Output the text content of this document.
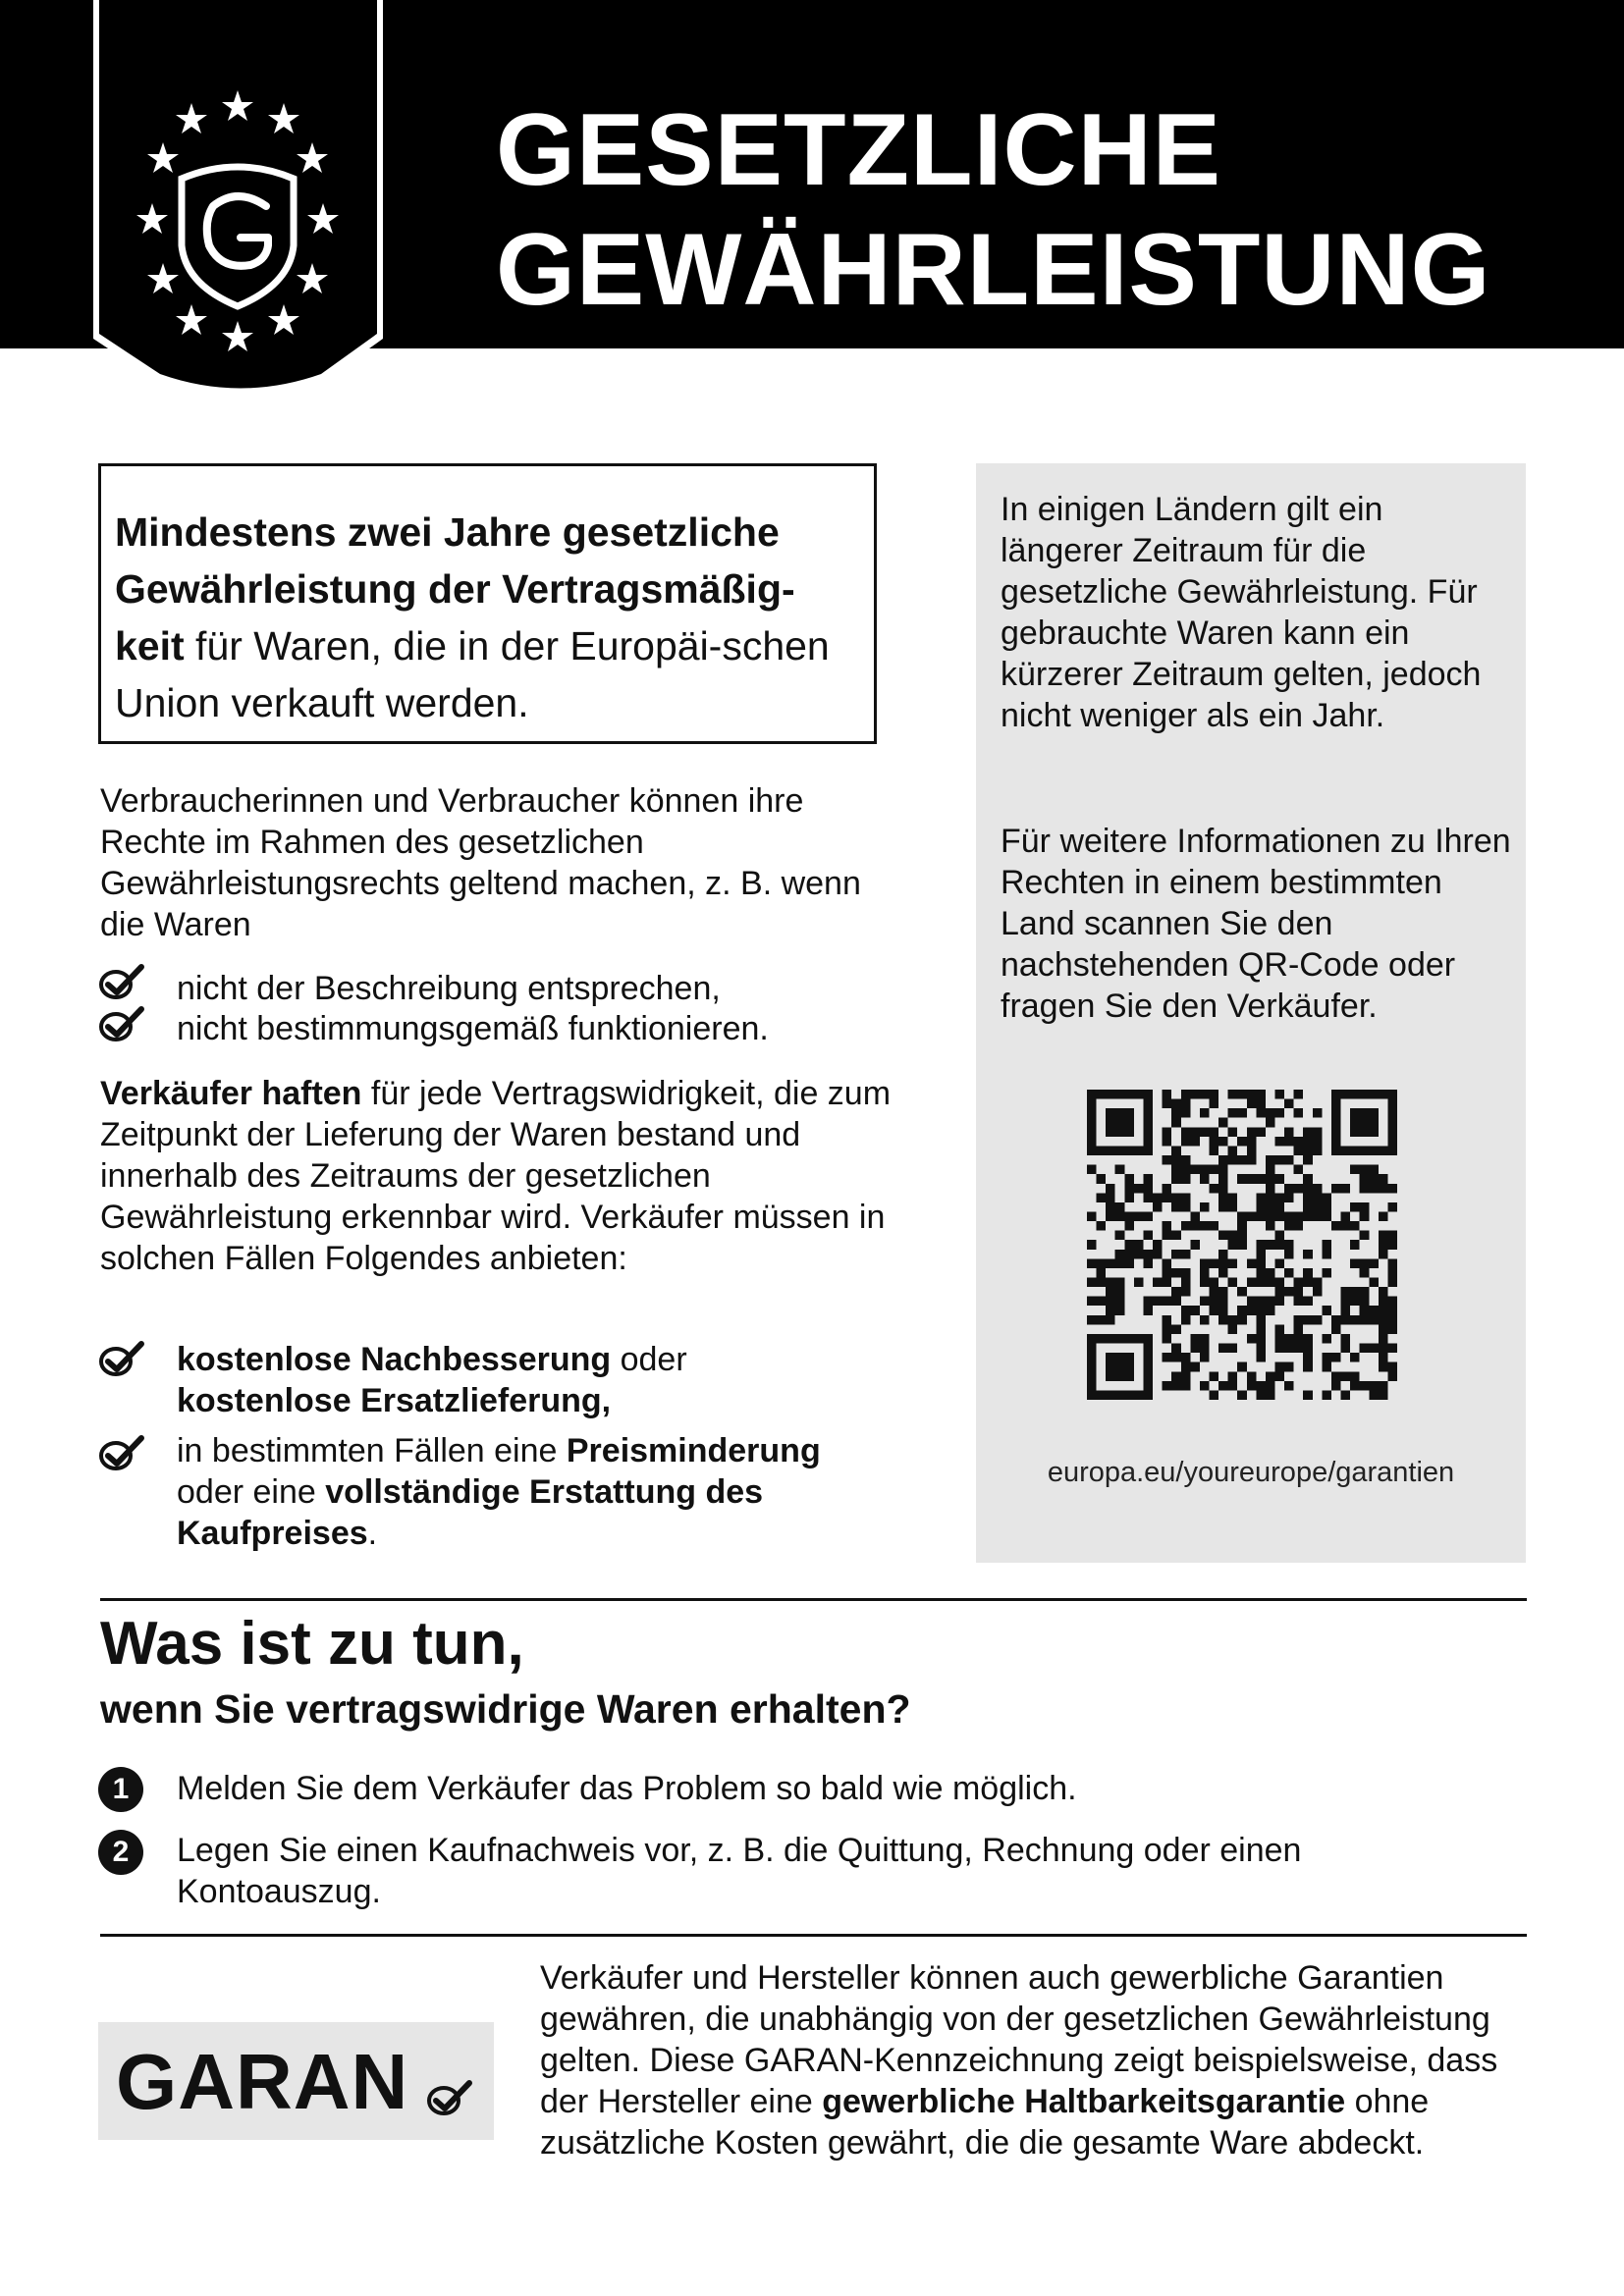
GESETZLICHE
GEWÄHRLEISTUNG
Mindestens zwei Jahre gesetzliche Gewährleistung der Vertragsmäßig-
keit für Waren, die in der Europäi-schen Union verkauft werden.
Verbraucherinnen und Verbraucher können ihre Rechte im Rahmen des gesetzlichen Gewährleistungsrechts geltend machen, z. B. wenn die Waren
nicht der Beschreibung entsprechen,
nicht bestimmungsgemäß funktionieren.
Verkäufer haften für jede Vertragswidrigkeit, die zum Zeitpunkt der Lieferung der Waren bestand und innerhalb des Zeitraums der gesetzlichen Gewährleistung erkennbar wird. Verkäufer müssen in solchen Fällen Folgendes anbieten:
kostenlose Nachbesserung oder
kostenlose Ersatzlieferung,
in bestimmten Fällen eine Preisminderung oder eine vollständige Erstattung des Kaufpreises.
In einigen Ländern gilt ein längerer Zeitraum für die gesetzliche Gewährleistung. Für gebrauchte Waren kann ein kürzerer Zeitraum gelten, jedoch nicht weniger als ein Jahr.
Für weitere Informationen zu Ihren Rechten in einem bestimmten Land scannen Sie den nachstehenden QR-Code oder fragen Sie den Verkäufer.
europa.eu/youreurope/garantien
Was ist zu tun,
wenn Sie vertragswidrige Waren erhalten?
1	Melden Sie dem Verkäufer das Problem so bald wie möglich.
2	Legen Sie einen Kaufnachweis vor, z. B. die Quittung, Rechnung oder einen Kontoauszug.
GARAN
Verkäufer und Hersteller können auch gewerbliche Garantien gewähren, die unabhängig von der gesetzlichen Gewährleistung gelten. Diese GARAN-Kennzeichnung zeigt beispielsweise, dass der Hersteller eine gewerbliche Haltbarkeitsgarantie ohne zusätzliche Kosten gewährt, die die gesamte Ware abdeckt.
